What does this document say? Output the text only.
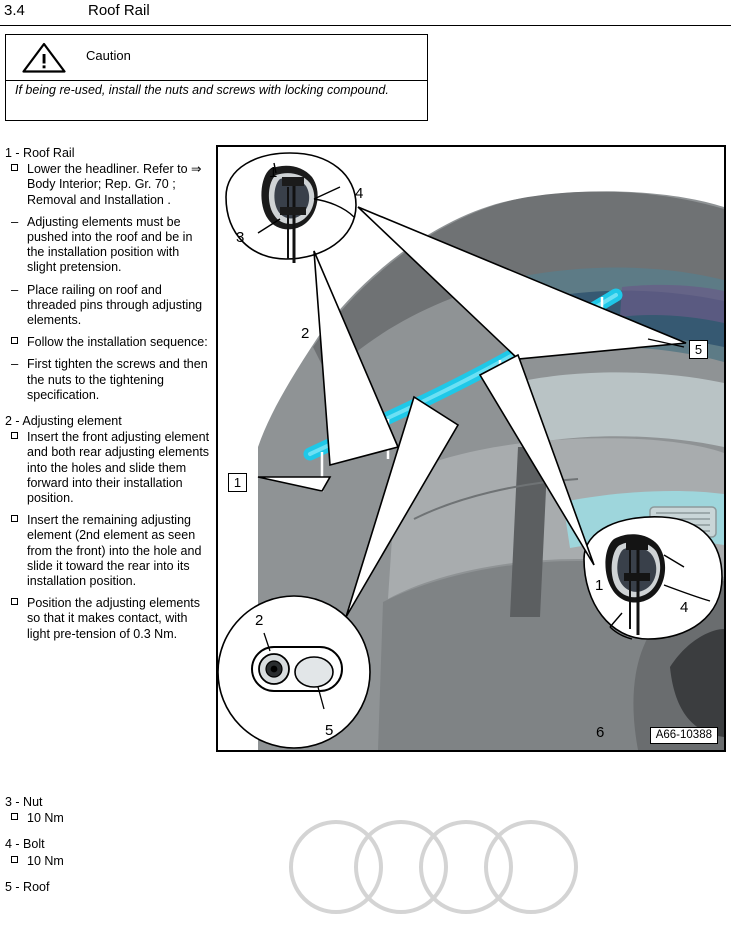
3.4	Roof Rail
Caution
If being re-used, install the nuts and screws with locking compound.
1 - Roof Rail
Lower the headliner. Refer to ⇒ Body Interior; Rep. Gr. 70 ; Removal and Installation .
– Adjusting elements must be pushed into the roof and be in the installation position with slight pretension.
– Place railing on roof and threaded pins through adjusting elements.
Follow the installation sequence:
– First tighten the screws and then the nuts to the tightening specification.
2 - Adjusting element
Insert the front adjusting element and both rear adjusting elements into the holes and slide them forward into their installation position.
Insert the remaining adjusting element (2nd element as seen from the front) into the hole and slide it toward the rear into its installation position.
Position the adjusting elements so that it makes contact, with light pre-tension of 0.3 Nm.
3 - Nut
10 Nm
4 - Bolt
10 Nm
5 - Roof
5
1
1
4
3
2
2
5
1
4
6	A66-10388
